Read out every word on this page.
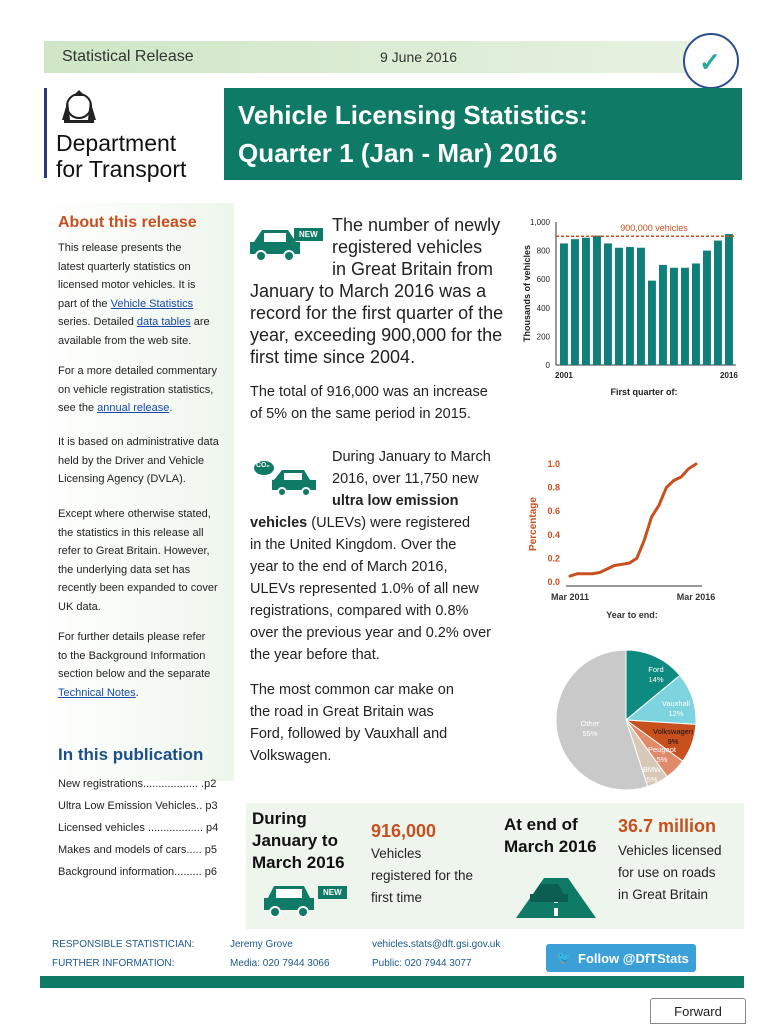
Statistical Release	9 June 2016	✓
Department
for Transport
Vehicle Licensing Statistics:
Quarter 1 (Jan - Mar) 2016
About this release
This release presents the
latest quarterly statistics on
licensed motor vehicles. It is
part of the Vehicle Statistics
series. Detailed data tables are
available from the web site.
For a more detailed commentary
on vehicle registration statistics,
see the annual release.
It is based on administrative data
held by the Driver and Vehicle
Licensing Agency (DVLA).
Except where otherwise stated,
the statistics in this release all
refer to Great Britain. However,
the underlying data set has
recently been expanded to cover
UK data.
For further details please refer
to the Background Information
section below and the separate
Technical Notes.
In this publication
New registrations.................. .p2
Ultra Low Emission Vehicles.. p3
Licensed vehicles .................. p4
Makes and models of cars..... p5
Background information......... p6
NEW The number of newly
registered vehicles
in Great Britain from
January to March 2016 was a
record for the first quarter of the
year, exceeding 900,000 for the
first time since 2004.
The total of 916,000 was an increase
of 5% on the same period in 2015.
CO₂
During January to March
2016, over 11,750 new
ultra low emission
vehicles (ULEVs) were registered
in the United Kingdom. Over the
year to the end of March 2016,
ULEVs represented 1.0% of all new
registrations, compared with 0.8%
over the previous year and 0.2% over
the year before that.
The most common car make on
the road in Great Britain was
Ford, followed by Vauxhall and
Volkswagen.
0
200
400
600
800
1,000
900,000 vehicles
2001	2016
First quarter of:
Thousands of vehicles
0.0
0.2
0.4
0.6
0.8
1.0
Mar 2011	Mar 2016
Year to end:
Percentage
Ford
14%
Vauxhall
12%
Volkswagen
9%
Peugeot
5%
BMW
5%
Other
55%
During
January to
March 2016
NEW
916,000
Vehicles
registered for the
first time
At end of
March 2016
36.7 million
Vehicles licensed
for use on roads
in Great Britain
RESPONSIBLE STATISTICIAN:	Jeremy Grove	vehicles.stats@dft.gsi.gov.uk
FURTHER INFORMATION:	Media: 020 7944 3066	Public: 020 7944 3077	🐦 Follow @DfTStats
Forward
